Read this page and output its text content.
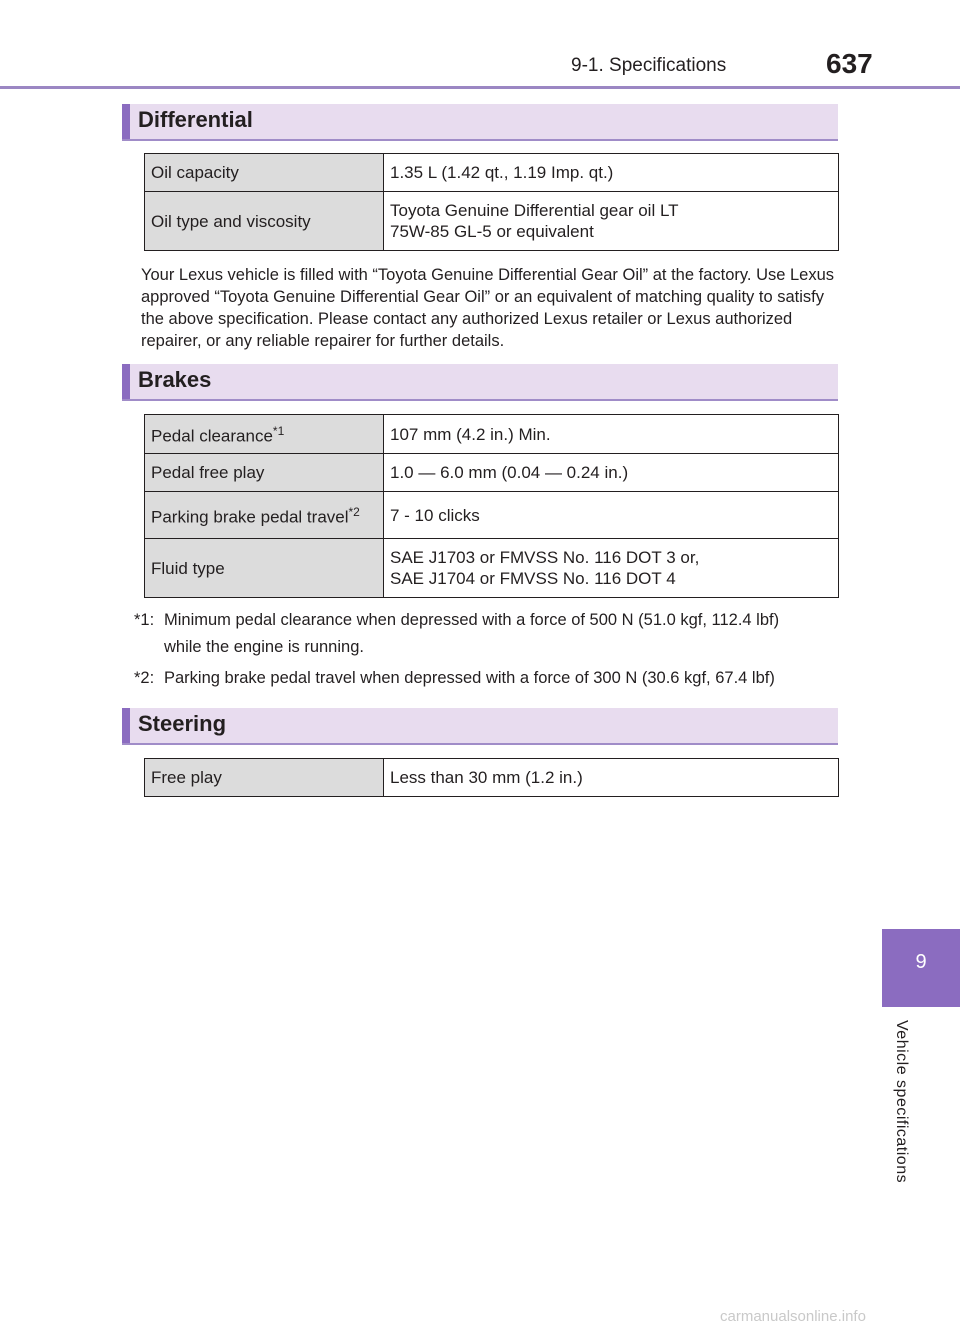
9-1. Specifications	637
Differential
Oil capacity	1.35 L (1.42 qt., 1.19 Imp. qt.)
Oil type and viscosity	Toyota Genuine Differential gear oil LT
75W-85 GL-5 or equivalent
Your Lexus vehicle is filled with “Toyota Genuine Differential Gear Oil” at the factory. Use Lexus approved “Toyota Genuine Differential Gear Oil” or an equivalent of matching quality to satisfy the above specification. Please contact any authorized Lexus retailer or Lexus authorized repairer, or any reliable repairer for further details.
Brakes
Pedal clearance$^{*1}$	107 mm (4.2 in.) Min.
Pedal free play	1.0 — 6.0 mm (0.04 — 0.24 in.)
Parking brake pedal travel$^{*2}$	7 - 10 clicks
Fluid type	SAE J1703 or FMVSS No. 116 DOT 3 or,
SAE J1704 or FMVSS No. 116 DOT 4
*1: Minimum pedal clearance when depressed with a force of 500 N (51.0 kgf, 112.4 lbf)
while the engine is running.
*2: Parking brake pedal travel when depressed with a force of 300 N (30.6 kgf, 67.4 lbf)
Steering
Free play	Less than 30 mm (1.2 in.)
9
Vehicle specifications
carmanualsonline.info
